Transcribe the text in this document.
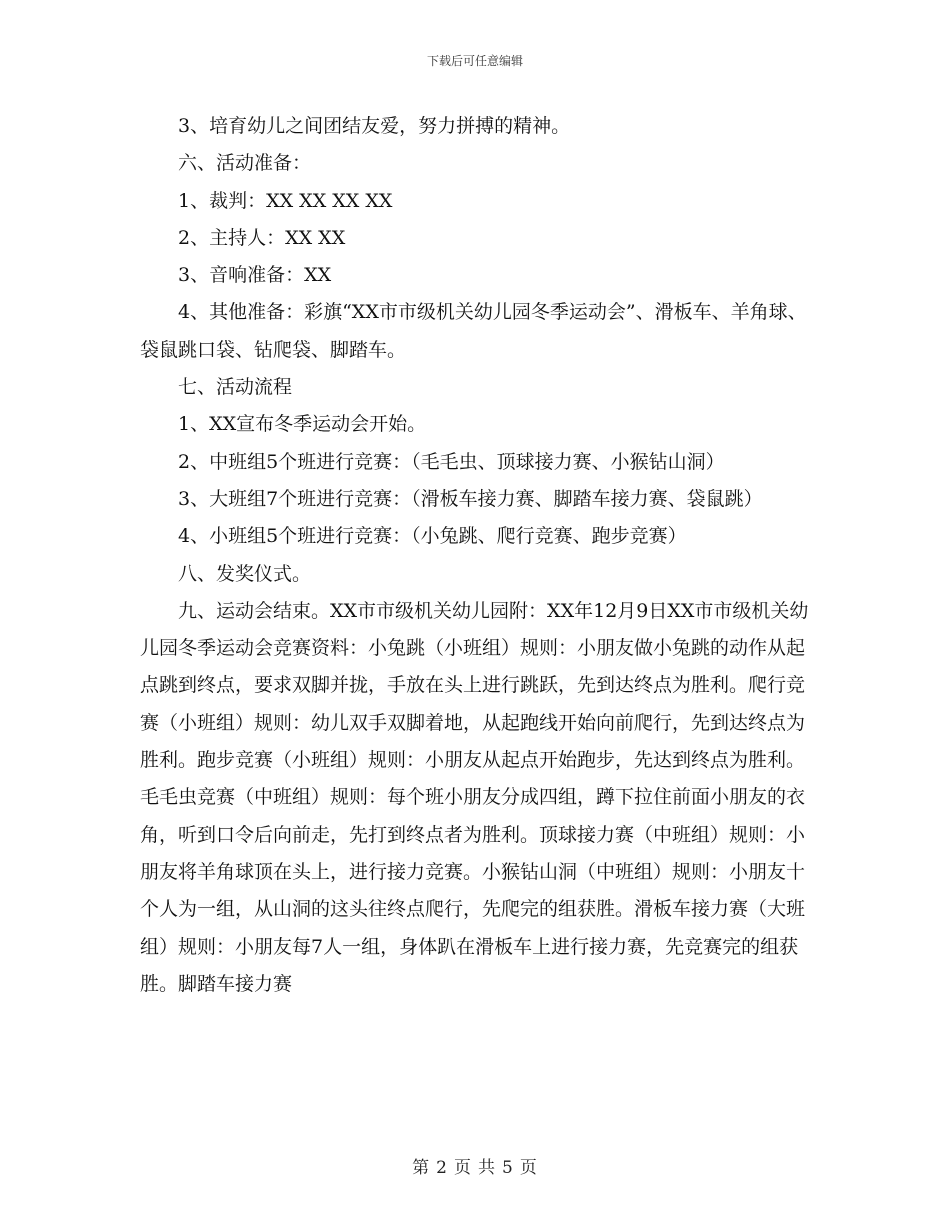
下载后可任意编辑

3、培育幼儿之间团结友爱，努力拼搏的精神。

六、活动准备：

1、裁判：XX XX XX XX

2、主持人：XX XX

3、音响准备：XX

4、其他准备：彩旗“XX市市级机关幼儿园冬季运动会”、滑板车、羊角球、袋鼠跳口袋、钻爬袋、脚踏车。

七、活动流程

1、XX宣布冬季运动会开始。

2、中班组5个班进行竞赛：（毛毛虫、顶球接力赛、小猴钻山洞）

3、大班组7个班进行竞赛：（滑板车接力赛、脚踏车接力赛、袋鼠跳）

4、小班组5个班进行竞赛：（小兔跳、爬行竞赛、跑步竞赛）

八、发奖仪式。

九、运动会结束。XX市市级机关幼儿园附：XX年12月9日XX市市级机关幼儿园冬季运动会竞赛资料：小兔跳（小班组）规则：小朋友做小兔跳的动作从起点跳到终点，要求双脚并拢，手放在头上进行跳跃，先到达终点为胜利。爬行竞赛（小班组）规则：幼儿双手双脚着地，从起跑线开始向前爬行，先到达终点为胜利。跑步竞赛（小班组）规则：小朋友从起点开始跑步，先达到终点为胜利。毛毛虫竞赛（中班组）规则：每个班小朋友分成四组，蹲下拉住前面小朋友的衣角，听到口令后向前走，先打到终点者为胜利。顶球接力赛（中班组）规则：小朋友将羊角球顶在头上，进行接力竞赛。小猴钻山洞（中班组）规则：小朋友十个人为一组，从山洞的这头往终点爬行，先爬完的组获胜。滑板车接力赛（大班组）规则：小朋友每7人一组，身体趴在滑板车上进行接力赛，先竞赛完的组获胜。脚踏车接力赛

第 2 页 共 5 页
